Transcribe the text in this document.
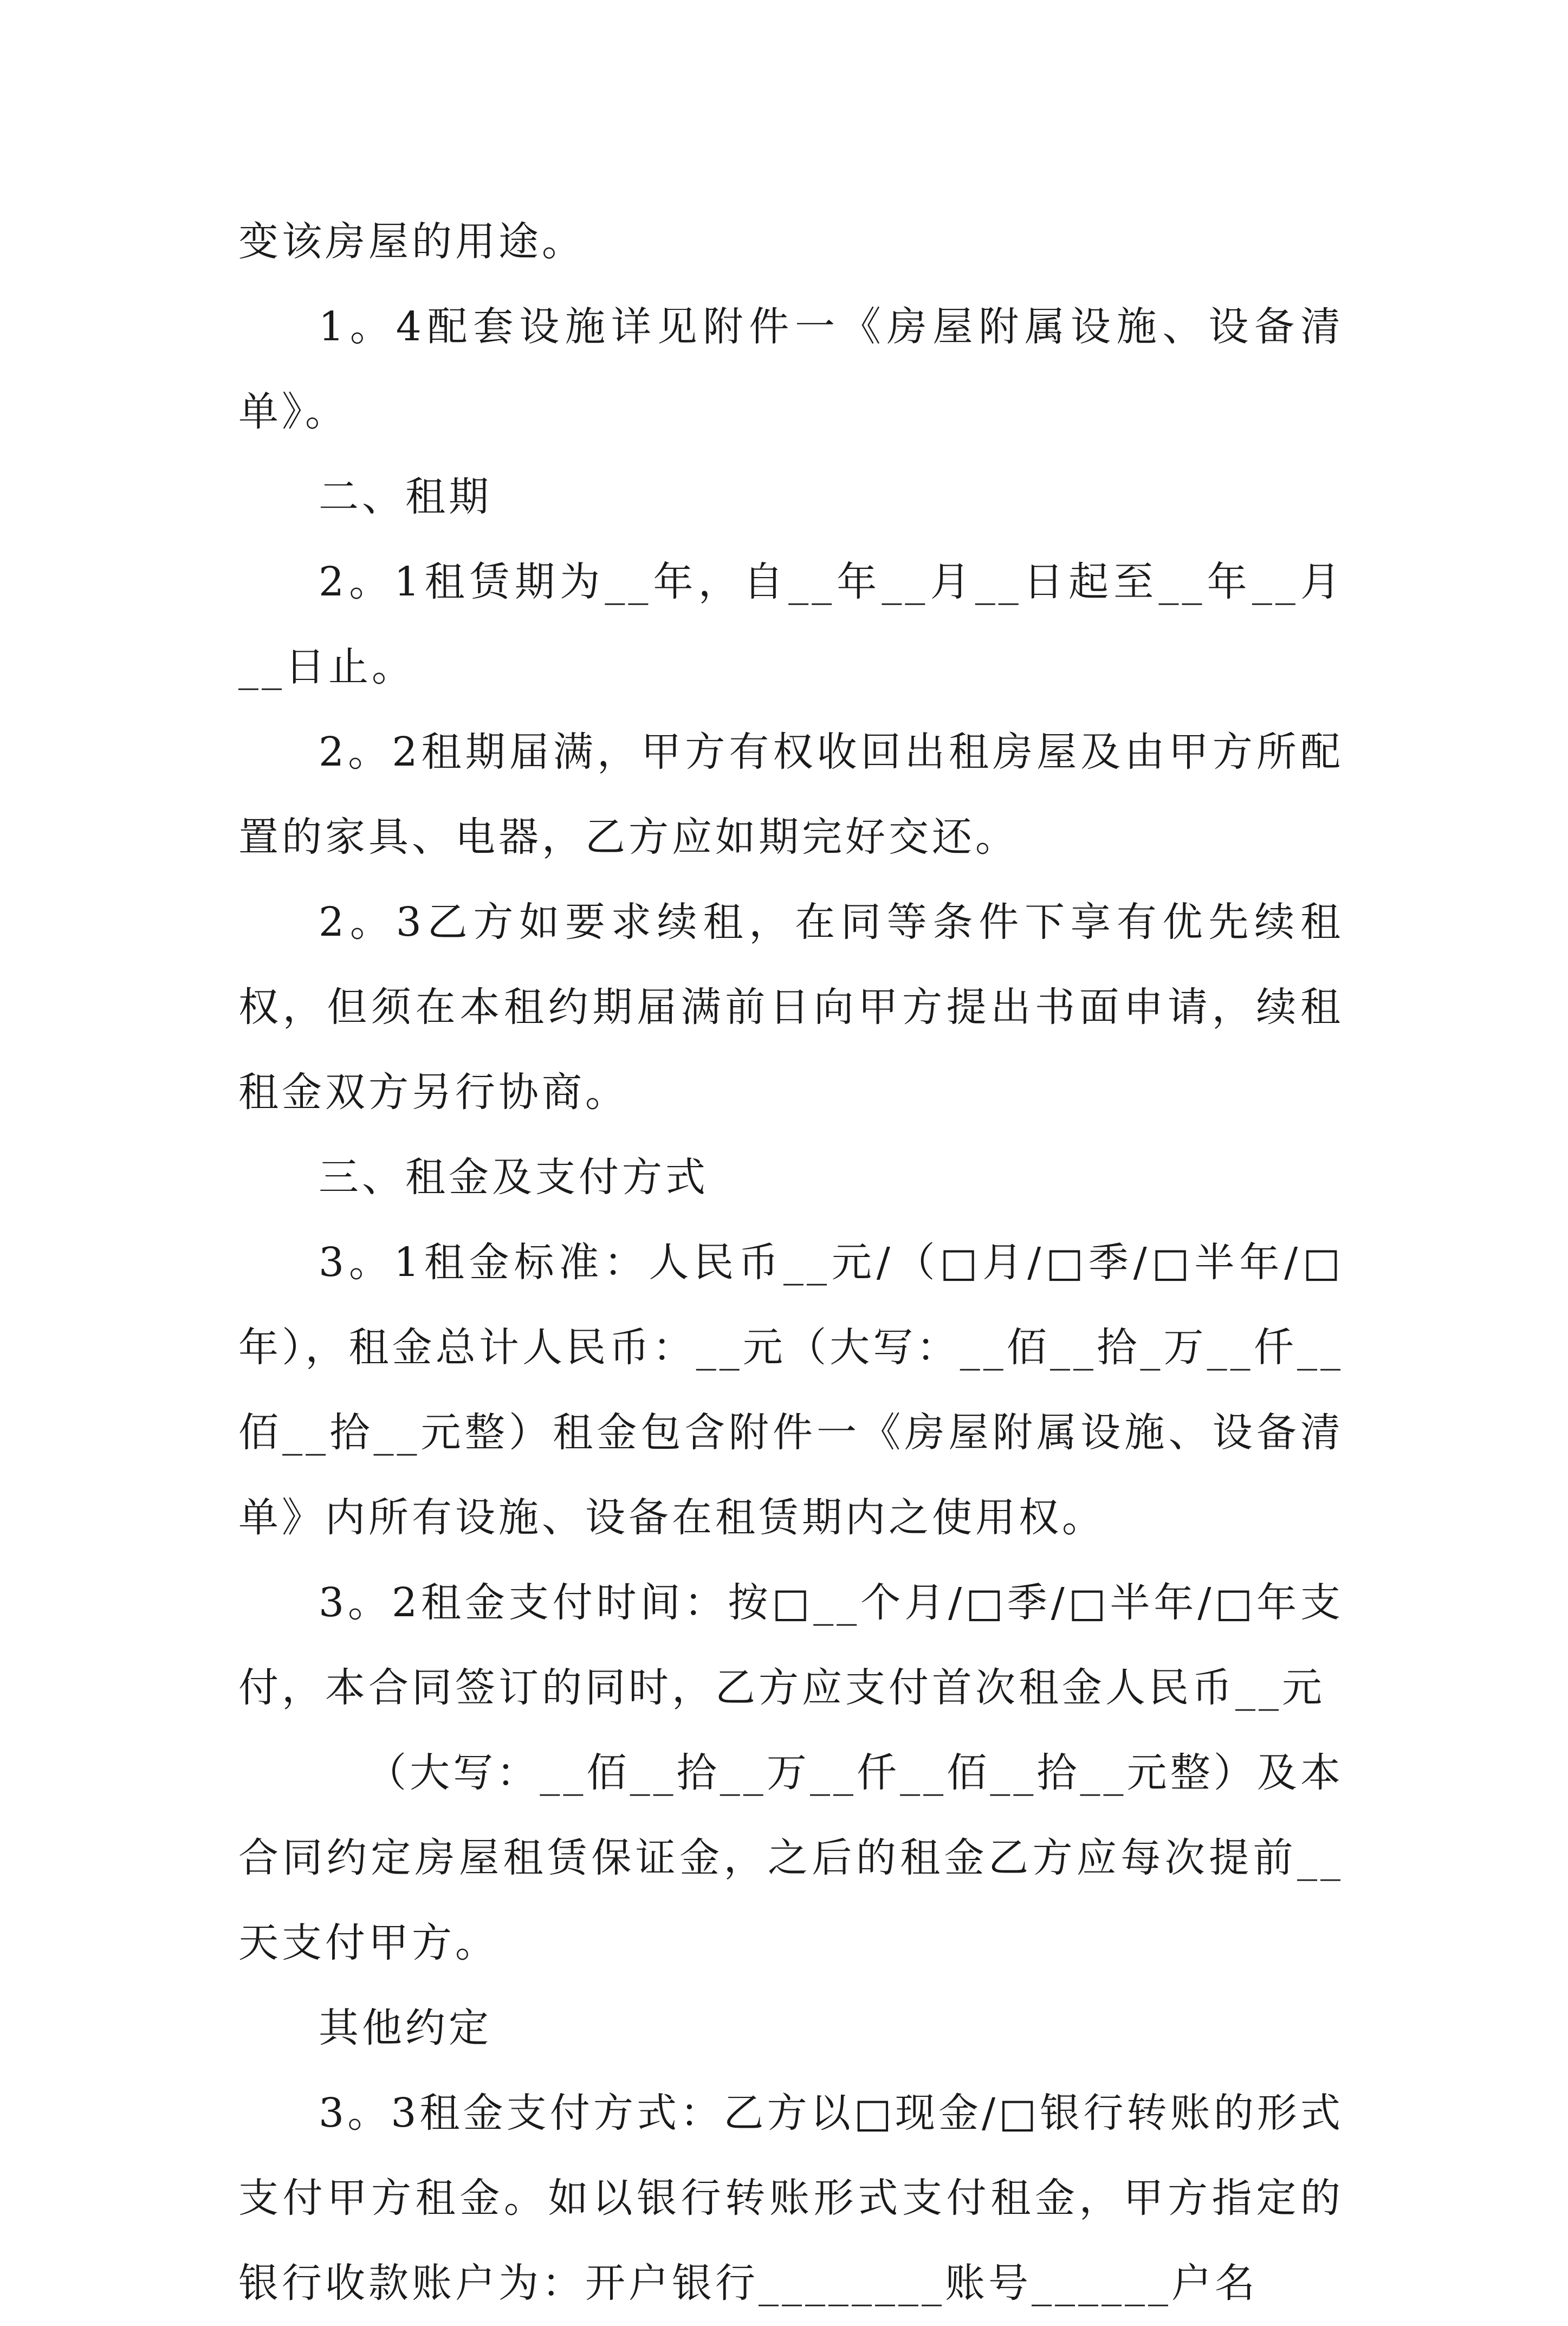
变该房屋的用途。

1。4配套设施详见附件一《房屋附属设施、设备清单》。

二、租期

2。1租赁期为__年，自__年__月__日起至__年__月__日止。

2。2租期届满，甲方有权收回出租房屋及由甲方所配置的家具、电器，乙方应如期完好交还。

2。3乙方如要求续租，在同等条件下享有优先续租权，但须在本租约期届满前日向甲方提出书面申请，续租租金双方另行协商。

三、租金及支付方式

3。1租金标准：人民币__元/（□月/□季/□半年/□年），租金总计人民币：__元（大写：__佰__拾_万__仟__佰__拾__元整）租金包含附件一《房屋附属设施、设备清单》内所有设施、设备在租赁期内之使用权。

3。2租金支付时间：按□__个月/□季/□半年/□年支付，本合同签订的同时，乙方应支付首次租金人民币__元

（大写：__佰__拾__万__仟__佰__拾__元整）及本合同约定房屋租赁保证金，之后的租金乙方应每次提前__天支付甲方。

其他约定

3。3租金支付方式：乙方以□现金/□银行转账的形式支付甲方租金。如以银行转账形式支付租金，甲方指定的银行收款账户为：开户银行________账号______户名
